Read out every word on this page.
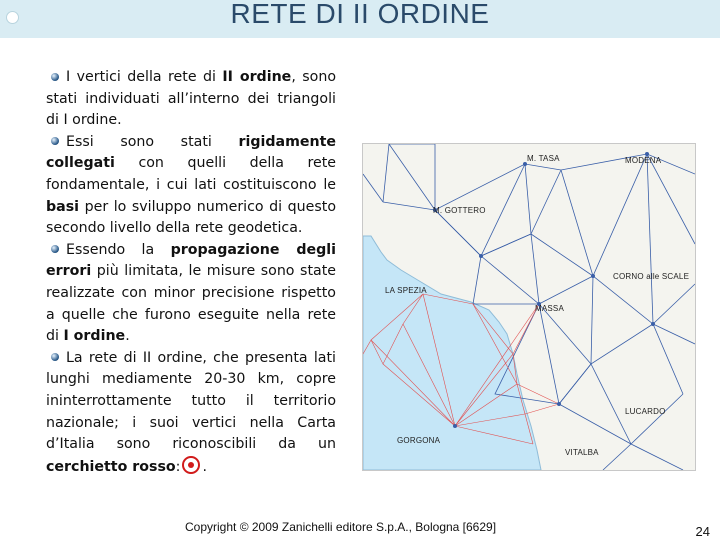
RETE DI II ORDINE

I vertici della rete di II ordine, sono stati individuati all’interno dei triangoli di I ordine.

Essi sono stati rigidamente collegati con quelli della rete fondamentale, i cui lati costituiscono le basi per lo sviluppo numerico di questo secondo livello della rete geodetica.

Essendo la propagazione degli errori più limitata, le misure sono state realizzate con minor precisione rispetto a quelle che furono eseguite nella rete di I ordine.

La rete di II ordine, che presenta lati lunghi mediamente 20-30 km, copre ininterrottamente tutto il territorio nazionale; i suoi vertici nella Carta d’Italia sono riconoscibili da un cerchietto rosso: .

M. TASA	MODENA
M. GOTTERO
LA SPEZIA
CORNO alle SCALE
MASSA
LUCARDO
GORGONA
VITALBA
Copyright © 2009 Zanichelli editore S.p.A., Bologna [6629]	24
